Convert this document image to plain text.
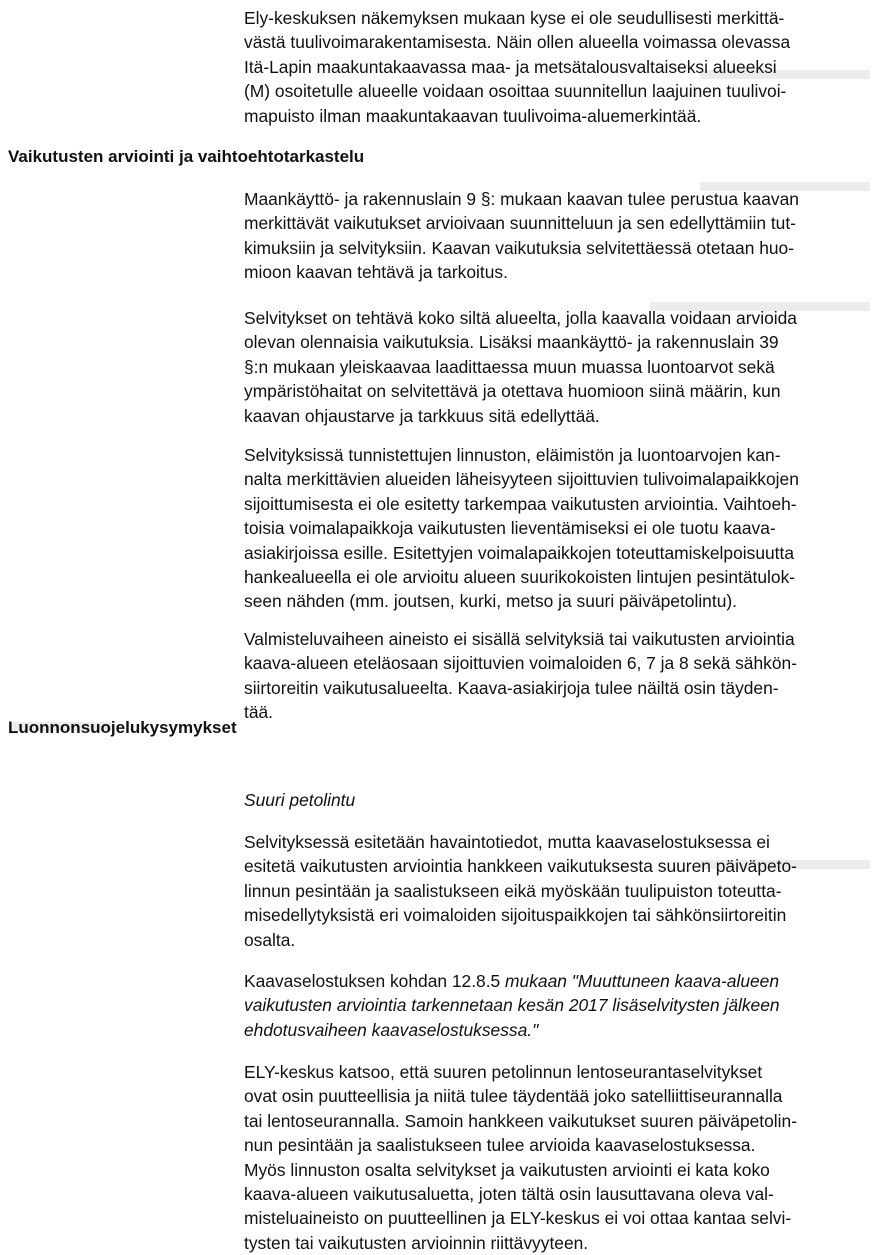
Ely-keskuksen näkemyksen mukaan kyse ei ole seudullisesti merkittä-
västä tuulivoimarakentamisesta. Näin ollen alueella voimassa olevassa
Itä-Lapin maakuntakaavassa maa- ja metsätalousvaltaiseksi alueeksi
(M) osoitetulle alueelle voidaan osoittaa suunnitellun laajuinen tuulivoi-
mapuisto ilman maakuntakaavan tuulivoima-aluemerkintää.

Vaikutusten arviointi ja vaihtoehtotarkastelu

Maankäyttö- ja rakennuslain 9 §: mukaan kaavan tulee perustua kaavan
merkittävät vaikutukset arvioivaan suunnitteluun ja sen edellyttämiin tut-
kimuksiin ja selvityksiin. Kaavan vaikutuksia selvitettäessä otetaan huo-
mioon kaavan tehtävä ja tarkoitus.

Selvitykset on tehtävä koko siltä alueelta, jolla kaavalla voidaan arvioida
olevan olennaisia vaikutuksia. Lisäksi maankäyttö- ja rakennuslain 39
§:n mukaan yleiskaavaa laadittaessa muun muassa luontoarvot sekä
ympäristöhaitat on selvitettävä ja otettava huomioon siinä määrin, kun
kaavan ohjaustarve ja tarkkuus sitä edellyttää.

Selvityksissä tunnistettujen linnuston, eläimistön ja luontoarvojen kan-
nalta merkittävien alueiden läheisyyteen sijoittuvien tulivoimalapaikkojen
sijoittumisesta ei ole esitetty tarkempaa vaikutusten arviointia. Vaihtoeh-
toisia voimalapaikkoja vaikutusten lieventämiseksi ei ole tuotu kaava-
asiakirjoissa esille. Esitettyjen voimalapaikkojen toteuttamiskelpoisuutta
hankealueella ei ole arvioitu alueen suurikokoisten lintujen pesintätulok-
seen nähden (mm. joutsen, kurki, metso ja suuri päiväpetolintu).

Valmisteluvaiheen aineisto ei sisällä selvityksiä tai vaikutusten arviointia
kaava-alueen eteläosaan sijoittuvien voimaloiden 6, 7 ja 8 sekä sähkön-
siirtoreitin vaikutusalueelta. Kaava-asiakirjoja tulee näiltä osin täyden-
tää.

Luonnonsuojelukysymykset
Suuri petolintu

Selvityksessä esitetään havaintotiedot, mutta kaavaselostuksessa ei
esitetä vaikutusten arviointia hankkeen vaikutuksesta suuren päiväpeto-
linnun pesintään ja saalistukseen eikä myöskään tuulipuiston toteutta-
misedellytyksistä eri voimaloiden sijoituspaikkojen tai sähkönsiirtoreitin
osalta.

Kaavaselostuksen kohdan 12.8.5 mukaan "Muuttuneen kaava-alueen
vaikutusten arviointia tarkennetaan kesän 2017 lisäselvitysten jälkeen
ehdotusvaiheen kaavaselostuksessa."

ELY-keskus katsoo, että suuren petolinnun lentoseurantaselvitykset
ovat osin puutteellisia ja niitä tulee täydentää joko satelliittiseurannalla
tai lentoseurannalla. Samoin hankkeen vaikutukset suuren päiväpetolin-
nun pesintään ja saalistukseen tulee arvioida kaavaselostuksessa.
Myös linnuston osalta selvitykset ja vaikutusten arviointi ei kata koko
kaava-alueen vaikutusaluetta, joten tältä osin lausuttavana oleva val-
misteluaineisto on puutteellinen ja ELY-keskus ei voi ottaa kantaa selvi-
tysten tai vaikutusten arvioinnin riittävyyteen.
